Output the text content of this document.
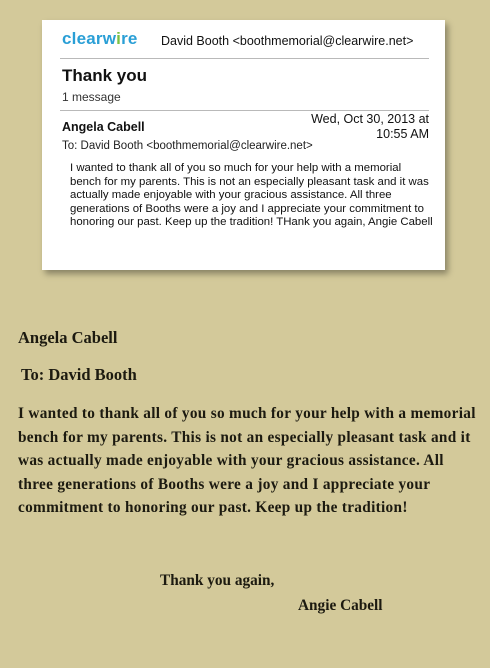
clearwire David Booth <boothmemorial@clearwire.net>
Thank you
1 message
Angela Cabell
Wed, Oct 30, 2013 at
10:55 AM
To: David Booth <boothmemorial@clearwire.net>
I wanted to thank all of you so much for your help with a memorial bench for my parents. This is not an especially pleasant task and it was actually made enjoyable with your gracious assistance. All three generations of Booths were a joy and I appreciate your commitment to honoring our past. Keep up the tradition! THank you again, Angie Cabell
Angela Cabell
To: David Booth
I wanted to thank all of you so much for your help with a memorial bench for my parents. This is not an especially pleasant task and it was actually made enjoyable with your gracious assistance. All three generations of Booths were a joy and I appreciate your commitment to honoring our past. Keep up the tradition!
Thank you again,
Angie Cabell
